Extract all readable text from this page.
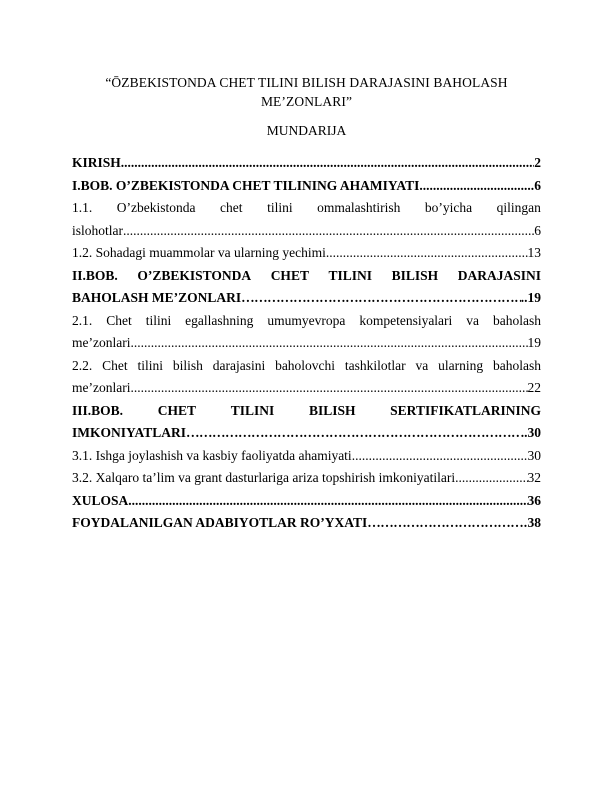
“ŌZBEKISTONDA CHET TILINI BILISH DARAJASINI BAHOLASH
ME’ZONLARI”
MUNDARIJA
KIRISH .....	2
I.BOB. O’ZBEKISTONDA CHET TILINING AHAMIYATI .....	6
1.1. O’zbekistonda chet tilini ommalashtirish bo’yicha qilingan
islohotlar .....	6
1.2. Sohadagi muammolar va ularning yechimi .....	13
II.BOB. O’ZBEKISTONDA CHET TILINI BILISH DARAJASINI
BAHOLASH ME’ZONLARI ……………………………………………………………………………………………………………………………………………………………	..19
2.1. Chet tilini egallashning umumyevropa kompetensiyalari va baholash
me’zonlari .....	19
2.2. Chet tilini bilish darajasini baholovchi tashkilotlar va ularning baholash
me’zonlari .....	22
III.BOB.	CHET	TILINI	BILISH	SERTIFIKATLARINING
IMKONIYATLARI ……………………………………………………………………………………………………………………………………………………………	..30
3.1. Ishga joylashish va kasbiy faoliyatda ahamiyati .....	30
3.2. Xalqaro ta’lim va grant dasturlariga ariza topshirish imkoniyatilari .....	32
XULOSA .....	36
FOYDALANILGAN ADABIYOTLAR RO’YXATI ……………………………………………………………………………………………………………………………………………………………	38
